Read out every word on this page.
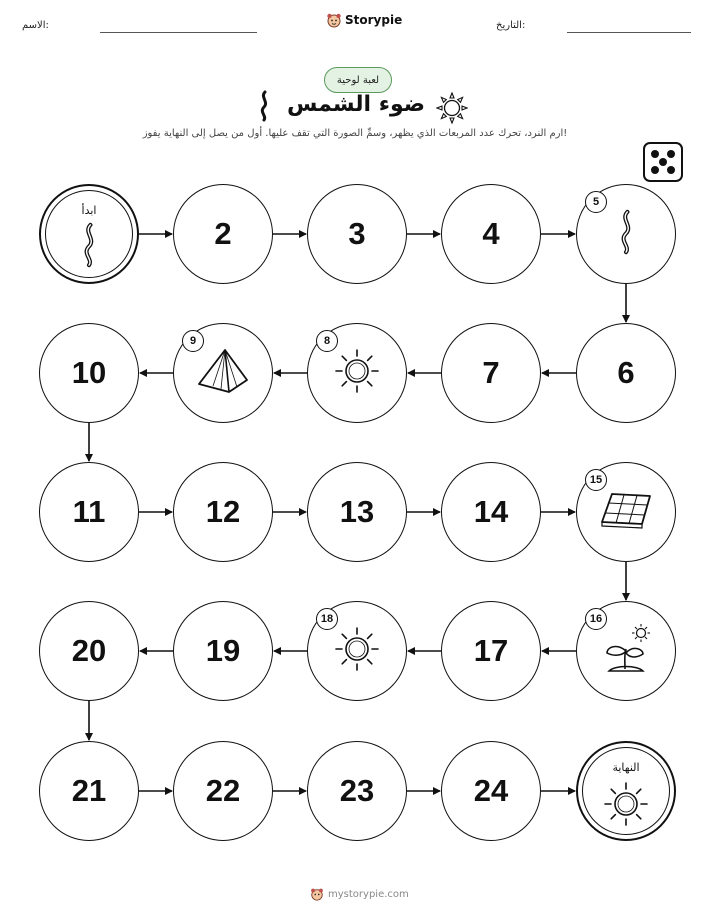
الاسم:	Storypie	التاريخ:
لعبة لوحية
ضوء الشمس
ارم النرد، تحرك عدد المربعات الذي يظهر، وسمِّ الصورة التي تقف عليها. أول من يصل إلى النهاية يفوز!
ابدأ
2	3	4
5
6
7
8
9
10
11	12	13	14
15
16
17
18
19
20
21	22	23	24
النهاية
mystorypie.com
